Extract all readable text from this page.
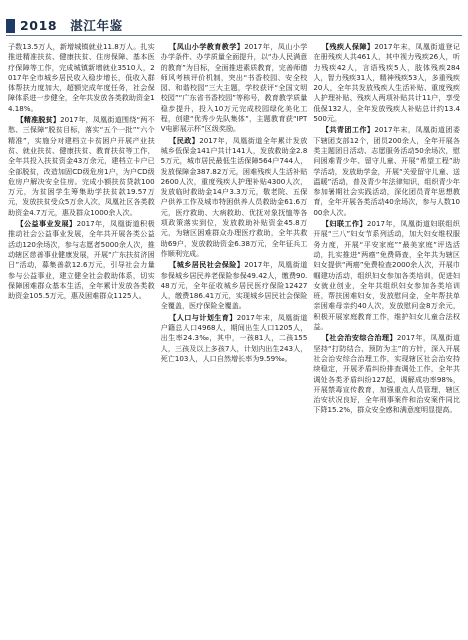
2018　湛江年鉴

子数13.5万人，新增城镇就业11.8万人。扎实推进精准扶贫、健康扶贫、住房保障、基本医疗保障等工作，完成城镇新增就业3510人，2017年全市城乡居民收入稳步增长，低收入群体帮扶力度加大，超额完成年度任务，社会保障体系进一步健全，全年共发放各类救助资金14.18%。

【精准脱贫】2017年，凤凰街道围绕“两不愁、三保障”脱贫目标，落实“五个一批”“六个精准”，实施分对建档立卡贫困户开展产业扶贫、就业扶贫、健康扶贫、教育扶贫等工作，全年共投入扶贫资金43万余元，建档立卡户已全部脱贫，改造加固CD级危房1户，为户CD级危房户解决安全住房。完成小额扶贫贷款100万元，为贫困学生筹集助学扶贫款19.57万元，发放扶贫受众5万余人次，凤凰社区各类救助资金4.7万元，惠及群众1000余人次。

【公益事业发展】2017年，凤凰街道积极推动社会公益事业发展，全年共开展各类公益活动120余场次，参与志愿者5000余人次，推动辖区慈善事业健康发展，开展“广东扶贫济困日”活动，募集善款12.6万元，引导社会力量参与公益事业，建立健全社会救助体系，切实保障困难群众基本生活，全年累计发放各类救助资金105.5万元，惠及困难群众1125人。

【凤山小学教育教学】2017年，凤山小学办学条件、办学质量全面提升，以“办人民满意的教育”为目标，全面推进素质教育，完善师德师风考核评价机制，突出“书香校园、安全校园、和谐校园”三大主题，学校获评“全国文明校园”“广东省书香校园”等称号，教育教学质量稳步提升，投入10万元完成校园绿化美化工程，创建“优秀少先队集体”，主题教育获“IPTV电影展示杯”区级奖励。

【民政】2017年，凤凰街道全年累计发放城乡低保金141户共计141人，发放救助金2.85万元，城市居民最低生活保障564户744人，发放保障金387.82万元，困难残疾人生活补贴2600人次，重度残疾人护理补贴4300人次，发放临时救助金14户3.3万元，敬老院、五保户供养工作及城市特困供养人员救助金61.6万元，医疗救助、大病救助、优抚对象抚恤等各项政策落实到位，发放救助补贴资金45.8万元，为辖区困难群众办理医疗救助，全年共救助69户，发放救助资金6.38万元，全年征兵工作顺利完成。

【城乡居民社会保险】2017年，凤凰街道参保城乡居民养老保险参保49.42人，缴费90.48万元，全年征收城乡居民医疗保险12427人，缴费186.41万元，实现城乡居民社会保险全覆盖，医疗保险全覆盖。

【人口与计划生育】2017年末，凤凰街道户籍总人口4968人，期间出生人口1205人，出生率24.3‰，其中，一孩81人，二孩155人，三孩及以上多孩7人，计划内出生243人，死亡103人，人口自然增长率为9.59‰。

【残疾人保障】2017年末，凤凰街道登记在册残疾人共461人，其中视力残疾26人，听力残疾42人，言语残疾5人，肢体残疾284人，智力残疾31人，精神残疾53人，多重残疾20人，全年共发放残疾人生活补贴、重度残疾人护理补贴、残疾人两项补贴共计11户，享受低保132人，全年发放残疾人补贴总计约13.4500元。

【共青团工作】2017年末，凤凰街道团委下辖团支部12个，团员200余人，全年开展各类主题团日活动、志愿服务活动50余场次，慰问困难青少年、留守儿童、开展“希望工程”助学活动，发放助学金，开展“关爱留守儿童、送温暖”活动，普及青少年法律知识，组织青少年参加暑期社会实践活动，深化团员青年思想教育，全年开展各类活动40余场次，参与人数1000余人次。

【妇联工作】2017年，凤凰街道妇联组织开展“三八”妇女节系列活动，加大妇女维权服务力度，开展“平安家庭”“最美家庭”评选活动，扎实推进“两癌”免费筛查，全年共为辖区妇女提供“两癌”免费检查2000余人次，开展巾帼建功活动，组织妇女参加各类培训，促进妇女就业创业，全年共组织妇女参加各类培训班，帮扶困难妇女，发放慰问金，全年帮扶单亲困难母亲约40人次，发放慰问金8万余元，积极开展家庭教育工作，维护妇女儿童合法权益。

【社会治安综合治理】2017年，凤凰街道坚持“打防结合、预防为主”的方针，深入开展社会治安综合治理工作，实现辖区社会治安持续稳定，开展矛盾纠纷排查调处工作，全年共调处各类矛盾纠纷127起，调解成功率98%，开展禁毒宣传教育，加强重点人员管理，辖区治安状况良好，全年刑事案件和治安案件同比下降15.2%，群众安全感和满意度明显提高。
